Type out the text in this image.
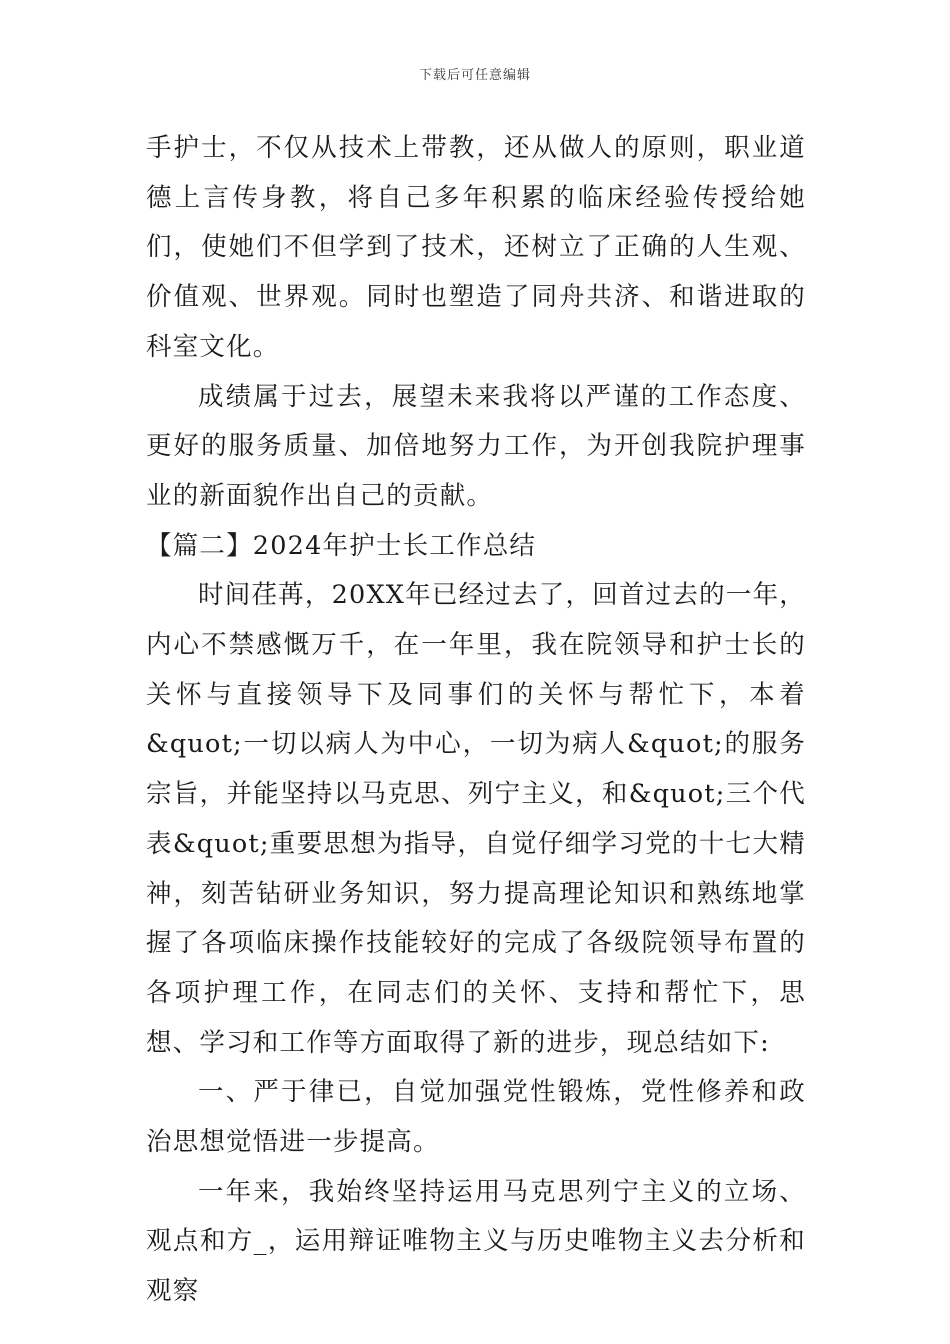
下载后可任意编辑

手护士，不仅从技术上带教，还从做人的原则，职业道德上言传身教，将自己多年积累的临床经验传授给她们，使她们不但学到了技术，还树立了正确的人生观、价值观、世界观。同时也塑造了同舟共济、和谐进取的科室文化。

成绩属于过去，展望未来我将以严谨的工作态度、更好的服务质量、加倍地努力工作，为开创我院护理事业的新面貌作出自己的贡献。

【篇二】2024年护士长工作总结

时间荏苒，20XX年已经过去了，回首过去的一年，内心不禁感慨万千，在一年里，我在院领导和护士长的关怀与直接领导下及同事们的关怀与帮忙下，本着&quot;一切以病人为中心，一切为病人&quot;的服务宗旨，并能坚持以马克思、列宁主义，和&quot;三个代表&quot;重要思想为指导，自觉仔细学习党的十七大精神，刻苦钻研业务知识，努力提高理论知识和熟练地掌握了各项临床操作技能较好的完成了各级院领导布置的各项护理工作，在同志们的关怀、支持和帮忙下，思想、学习和工作等方面取得了新的进步，现总结如下:

一、严于律已，自觉加强党性锻炼，党性修养和政治思想觉悟进一步提高。

一年来，我始终坚持运用马克思列宁主义的立场、观点和方_，运用辩证唯物主义与历史唯物主义去分析和观察
